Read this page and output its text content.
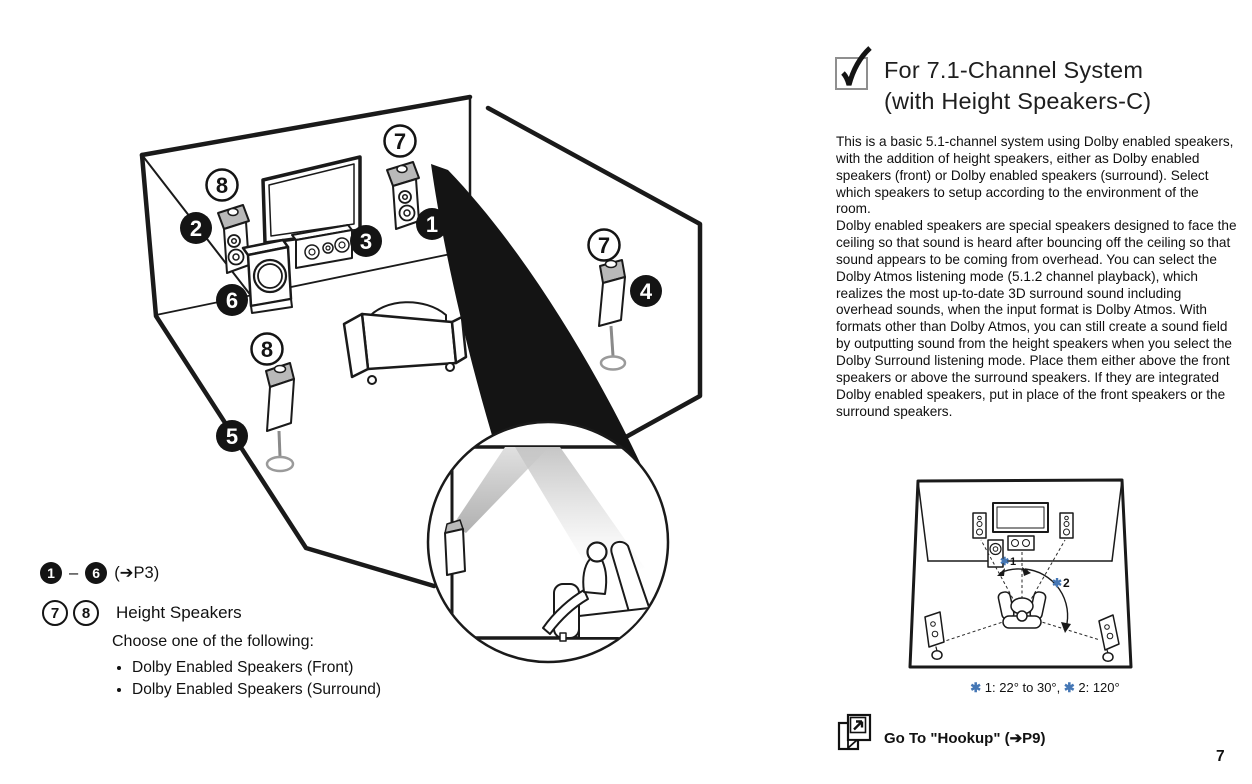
7
8
2
3
1
6
7
4
8
5
1 –	6 (➔P3)
7	8	Height Speakers
Choose one of the following:
• Dolby Enabled Speakers (Front)
• Dolby Enabled Speakers (Surround)
For 7.1-Channel System
(with Height Speakers-C)

This is a basic 5.1-channel system using Dolby enabled speakers, with the addition of height speakers, either as Dolby enabled speakers (front) or Dolby enabled speakers (surround). Select which speakers to setup according to the environment of the room.

Dolby enabled speakers are special speakers designed to face the ceiling so that sound is heard after bouncing off the ceiling so that sound appears to be coming from overhead. You can select the Dolby Atmos listening mode (5.1.2 channel playback), which realizes the most up-to-date 3D surround sound including overhead sounds, when the input format is Dolby Atmos. With formats other than Dolby Atmos, you can still create a sound field by outputting sound from the height speakers when you select the Dolby Surround listening mode. Place them either above the front speakers or above the surround speakers. If they are integrated Dolby enabled speakers, put in place of the front speakers or the surround speakers.

✱ 1
✱ 2
✱ 1: 22° to 30°, ✱ 2: 120°
Go To "Hookup" (➔P9)
7
